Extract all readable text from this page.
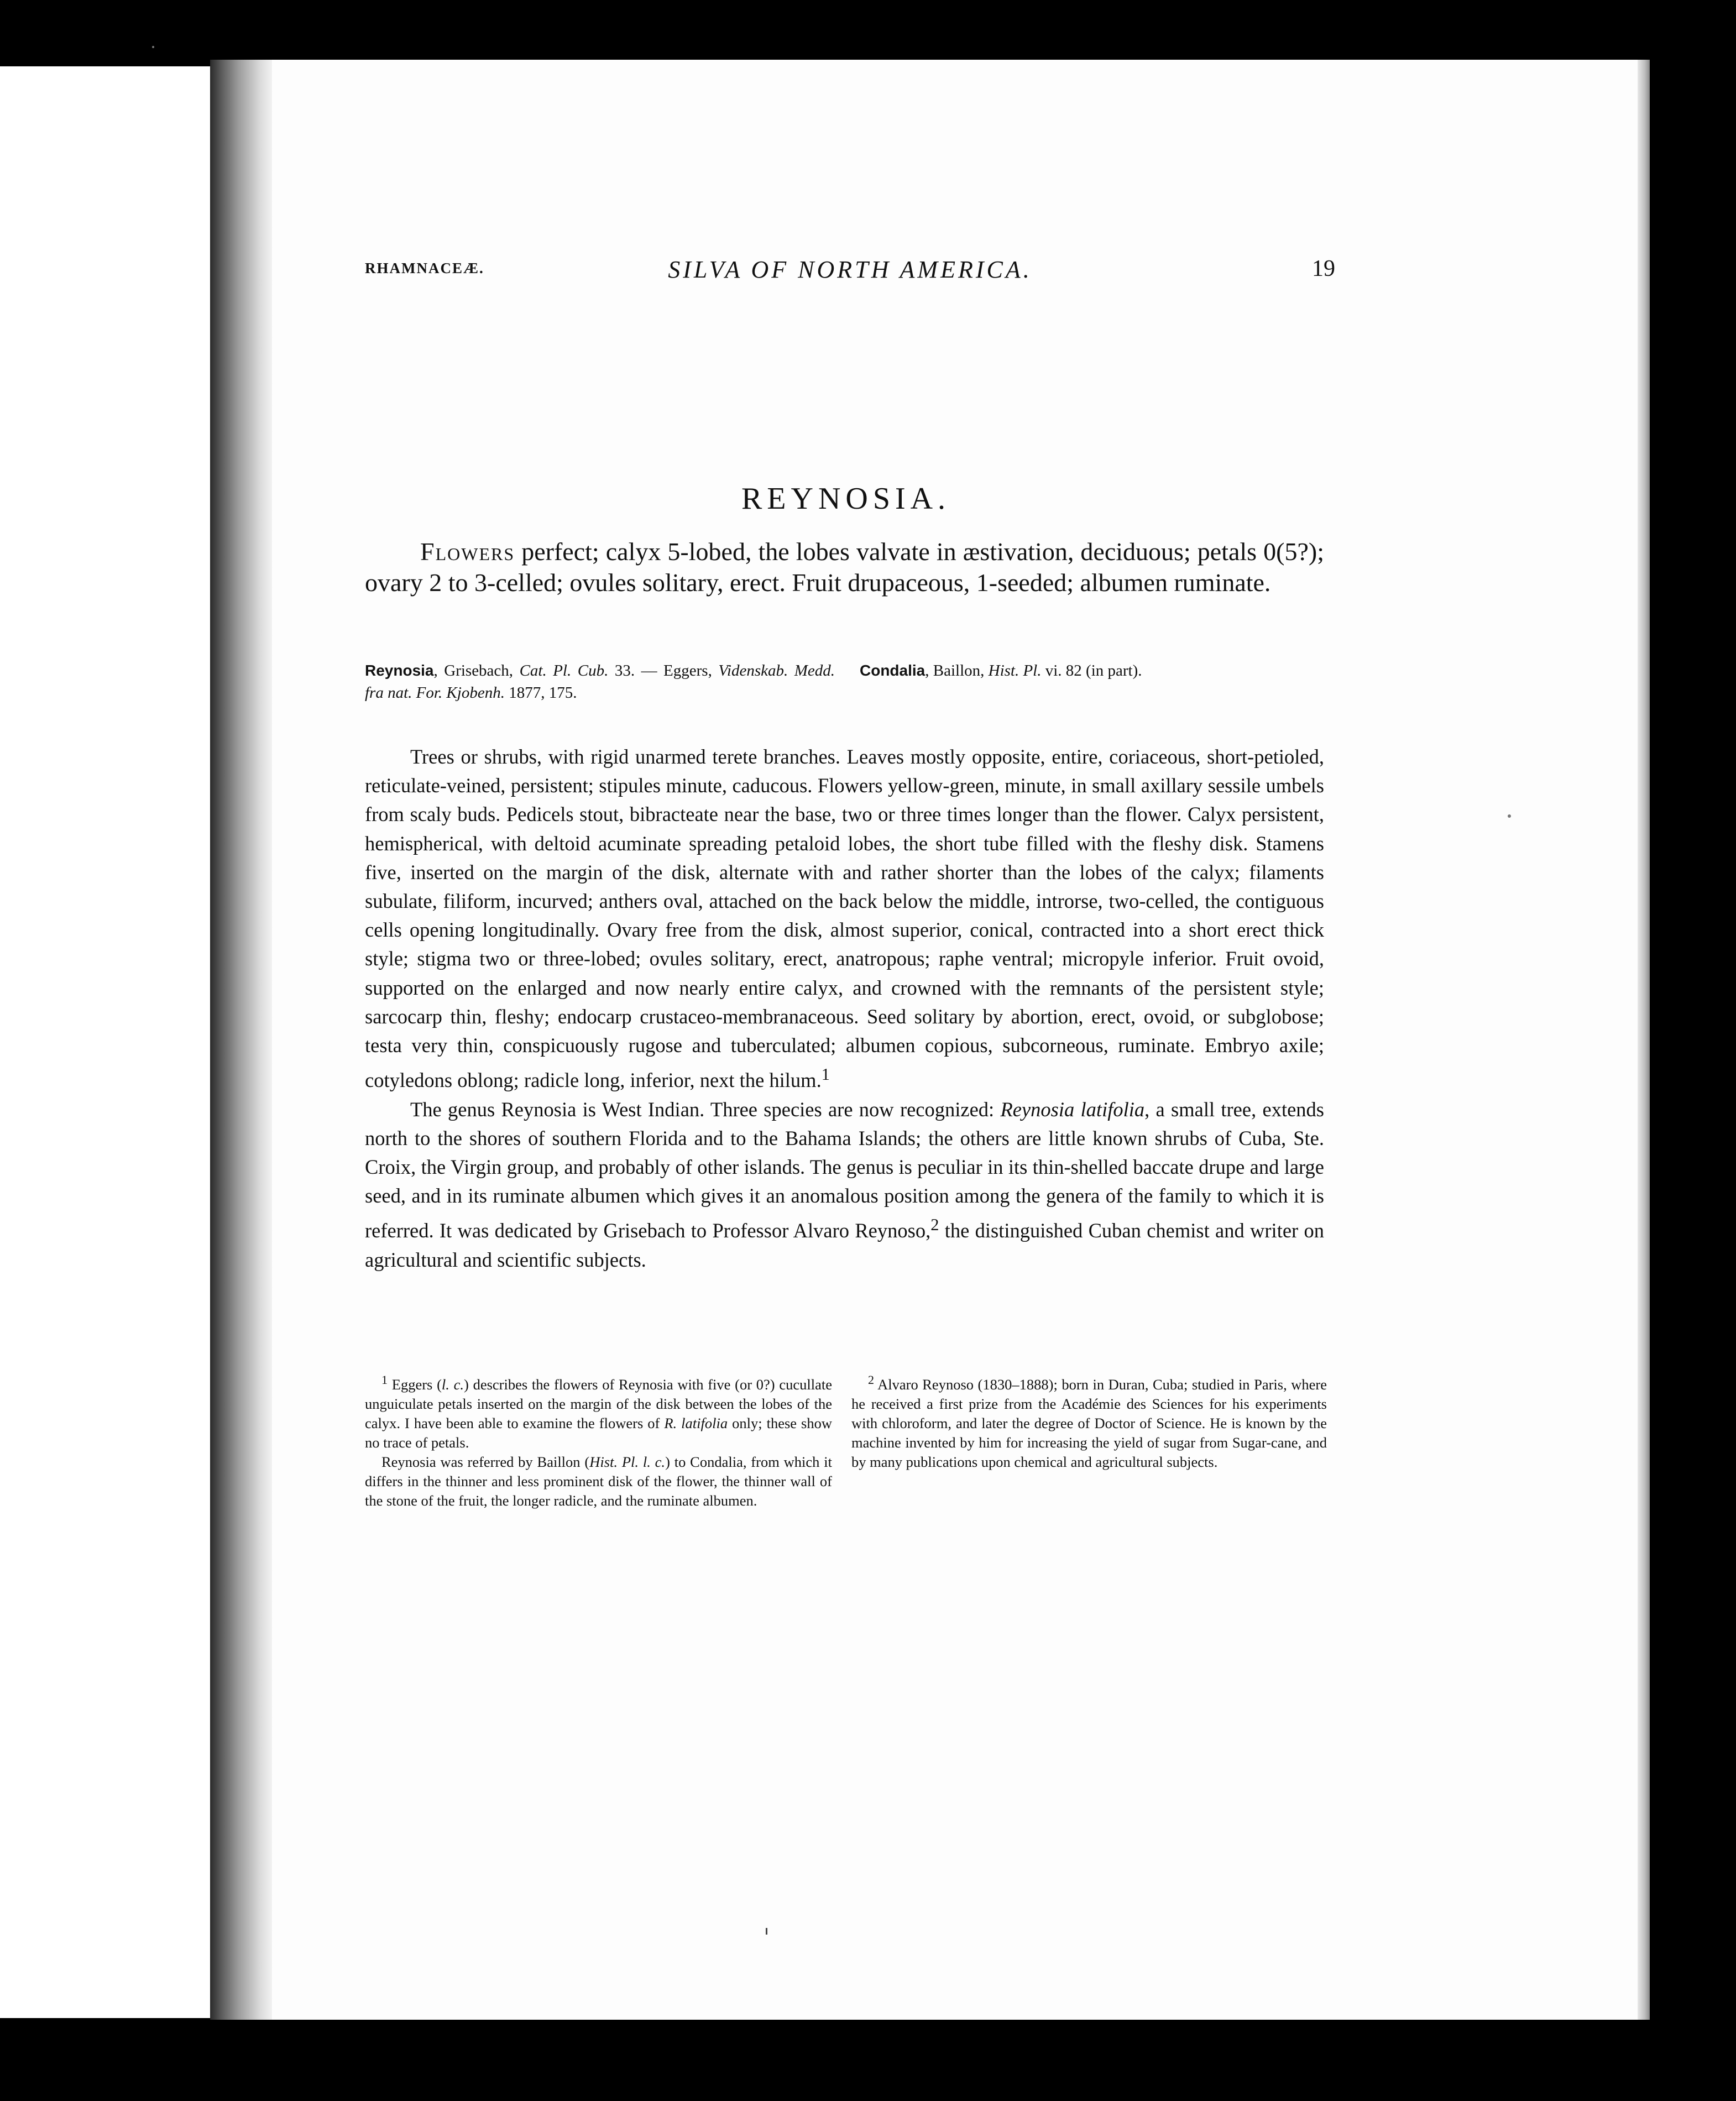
RHAMNACEÆ.	SILVA OF NORTH AMERICA.	19
REYNOSIA.

Flowers perfect; calyx 5-lobed, the lobes valvate in æstivation, deciduous; petals 0(5?); ovary 2 to 3-celled; ovules solitary, erect. Fruit drupaceous, 1-seeded; albumen ruminate.

Reynosia, Grisebach, Cat. Pl. Cub. 33. — Eggers, Videnskab. Medd. fra nat. For. Kjobenh. 1877, 175.

Condalia, Baillon, Hist. Pl. vi. 82 (in part).

Trees or shrubs, with rigid unarmed terete branches. Leaves mostly opposite, entire, coriaceous, short-petioled, reticulate-veined, persistent; stipules minute, caducous. Flowers yellow-green, minute, in small axillary sessile umbels from scaly buds. Pedicels stout, bibracteate near the base, two or three times longer than the flower. Calyx persistent, hemispherical, with deltoid acuminate spreading petaloid lobes, the short tube filled with the fleshy disk. Stamens five, inserted on the margin of the disk, alternate with and rather shorter than the lobes of the calyx; filaments subulate, filiform, incurved; anthers oval, attached on the back below the middle, introrse, two-celled, the contiguous cells opening longitudinally. Ovary free from the disk, almost superior, conical, contracted into a short erect thick style; stigma two or three-lobed; ovules solitary, erect, anatropous; raphe ventral; micropyle inferior. Fruit ovoid, supported on the enlarged and now nearly entire calyx, and crowned with the remnants of the persistent style; sarcocarp thin, fleshy; endocarp crustaceo-membranaceous. Seed solitary by abortion, erect, ovoid, or subglobose; testa very thin, conspicuously rugose and tuberculated; albumen copious, subcorneous, ruminate. Embryo axile; cotyledons oblong; radicle long, inferior, next the hilum.$^1$

The genus Reynosia is West Indian. Three species are now recognized: Reynosia latifolia, a small tree, extends north to the shores of southern Florida and to the Bahama Islands; the others are little known shrubs of Cuba, Ste. Croix, the Virgin group, and probably of other islands. The genus is peculiar in its thin-shelled baccate drupe and large seed, and in its ruminate albumen which gives it an anomalous position among the genera of the family to which it is referred. It was dedicated by Grisebach to Professor Alvaro Reynoso,$^2$ the distinguished Cuban chemist and writer on agricultural and scientific subjects.

$^1$ Eggers (l. c.) describes the flowers of Reynosia with five (or 0?) cucullate unguiculate petals inserted on the margin of the disk between the lobes of the calyx. I have been able to examine the flowers of R. latifolia only; these show no trace of petals.

Reynosia was referred by Baillon (Hist. Pl. l. c.) to Condalia, from which it differs in the thinner and less prominent disk of the flower, the thinner wall of the stone of the fruit, the longer radicle, and the ruminate albumen.

$^2$ Alvaro Reynoso (1830–1888); born in Duran, Cuba; studied in Paris, where he received a first prize from the Académie des Sciences for his experiments with chloroform, and later the degree of Doctor of Science. He is known by the machine invented by him for increasing the yield of sugar from Sugar-cane, and by many publications upon chemical and agricultural subjects.
